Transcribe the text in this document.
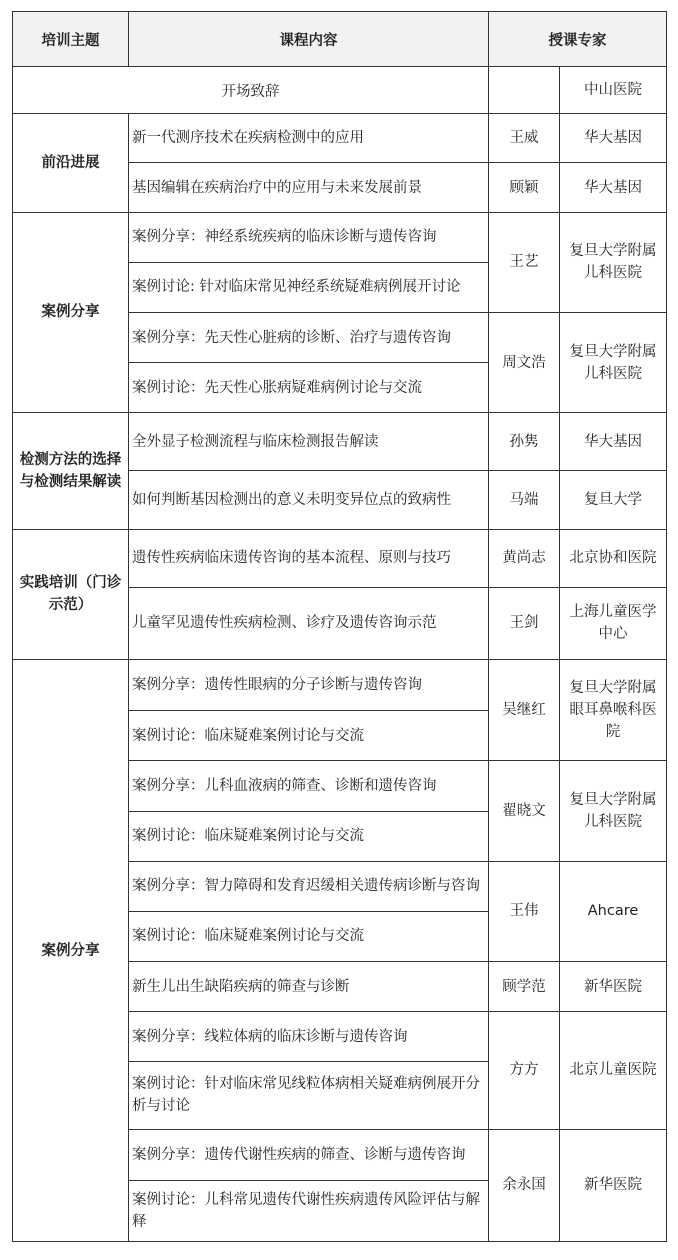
培训主题	课程内容	授课专家	
开场致辞			中山医院
前沿进展	新一代测序技术在疾病检测中的应用	王威	华大基因
	基因编辑在疾病治疗中的应用与未来发展前景	顾颖	华大基因
案例分享	案例分享：神经系统疾病的临床诊断与遗传咨询	王艺	复旦大学附属儿科医院
	案例讨论: 针对临床常见神经系统疑难病例展开讨论		
	案例分享：先天性心脏病的诊断、治疗与遗传咨询	周文浩	复旦大学附属儿科医院
	案例讨论：先天性心胀病疑难病例讨论与交流		
检测方法的选择与检测结果解读	全外显子检测流程与临床检测报告解读	孙隽	华大基因
	如何判断基因检测出的意义未明变异位点的致病性	马端	复旦大学
实践培训（门诊示范）	遗传性疾病临床遗传咨询的基本流程、原则与技巧	黄尚志	北京协和医院
	儿童罕见遗传性疾病检测、诊疗及遗传咨询示范	王剑	上海儿童医学中心
案例分享	案例分享：遗传性眼病的分子诊断与遗传咨询	吴继红	复旦大学附属眼耳鼻喉科医院
	案例讨论：临床疑难案例讨论与交流		
	案例分享：儿科血液病的筛查、诊断和遗传咨询	翟晓文	复旦大学附属儿科医院
	案例讨论：临床疑难案例讨论与交流		
	案例分享：智力障碍和发育迟缓相关遗传病诊断与咨询	王伟	Ahcare
	案例讨论：临床疑难案例讨论与交流		
	新生儿出生缺陷疾病的筛查与诊断	顾学范	新华医院
	案例分享：线粒体病的临床诊断与遗传咨询	方方	北京儿童医院
	案例讨论：针对临床常见线粒体病相关疑难病例展开分析与讨论		
	案例分享：遗传代谢性疾病的筛查、诊断与遗传咨询	余永国	新华医院
	案例讨论：儿科常见遗传代谢性疾病遗传风险评估与解释		
